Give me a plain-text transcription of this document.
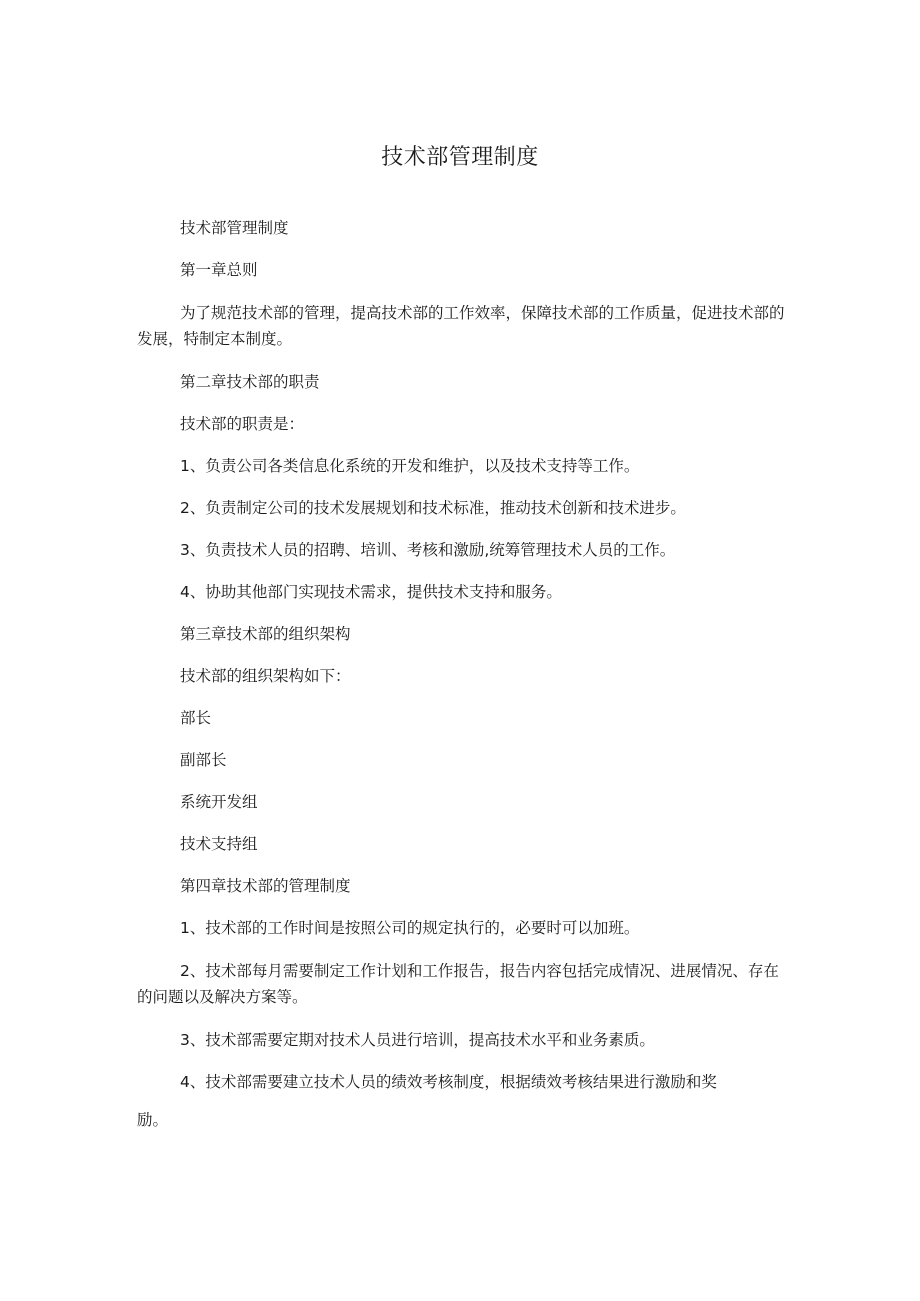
技术部管理制度

技术部管理制度

第一章总则

为了规范技术部的管理，提高技术部的工作效率，保障技术部的工作质量，促进技术部的发展，特制定本制度。

第二章技术部的职责

技术部的职责是：

1、负责公司各类信息化系统的开发和维护，以及技术支持等工作。

2、负责制定公司的技术发展规划和技术标准，推动技术创新和技术进步。

3、负责技术人员的招聘、培训、考核和激励,统筹管理技术人员的工作。

4、协助其他部门实现技术需求，提供技术支持和服务。

第三章技术部的组织架构

技术部的组织架构如下：

部长

副部长

系统开发组

技术支持组

第四章技术部的管理制度

1、技术部的工作时间是按照公司的规定执行的，必要时可以加班。

2、技术部每月需要制定工作计划和工作报告，报告内容包括完成情况、进展情况、存在的问题以及解决方案等。

3、技术部需要定期对技术人员进行培训，提高技术水平和业务素质。

4、技术部需要建立技术人员的绩效考核制度，根据绩效考核结果进行激励和奖

励。
